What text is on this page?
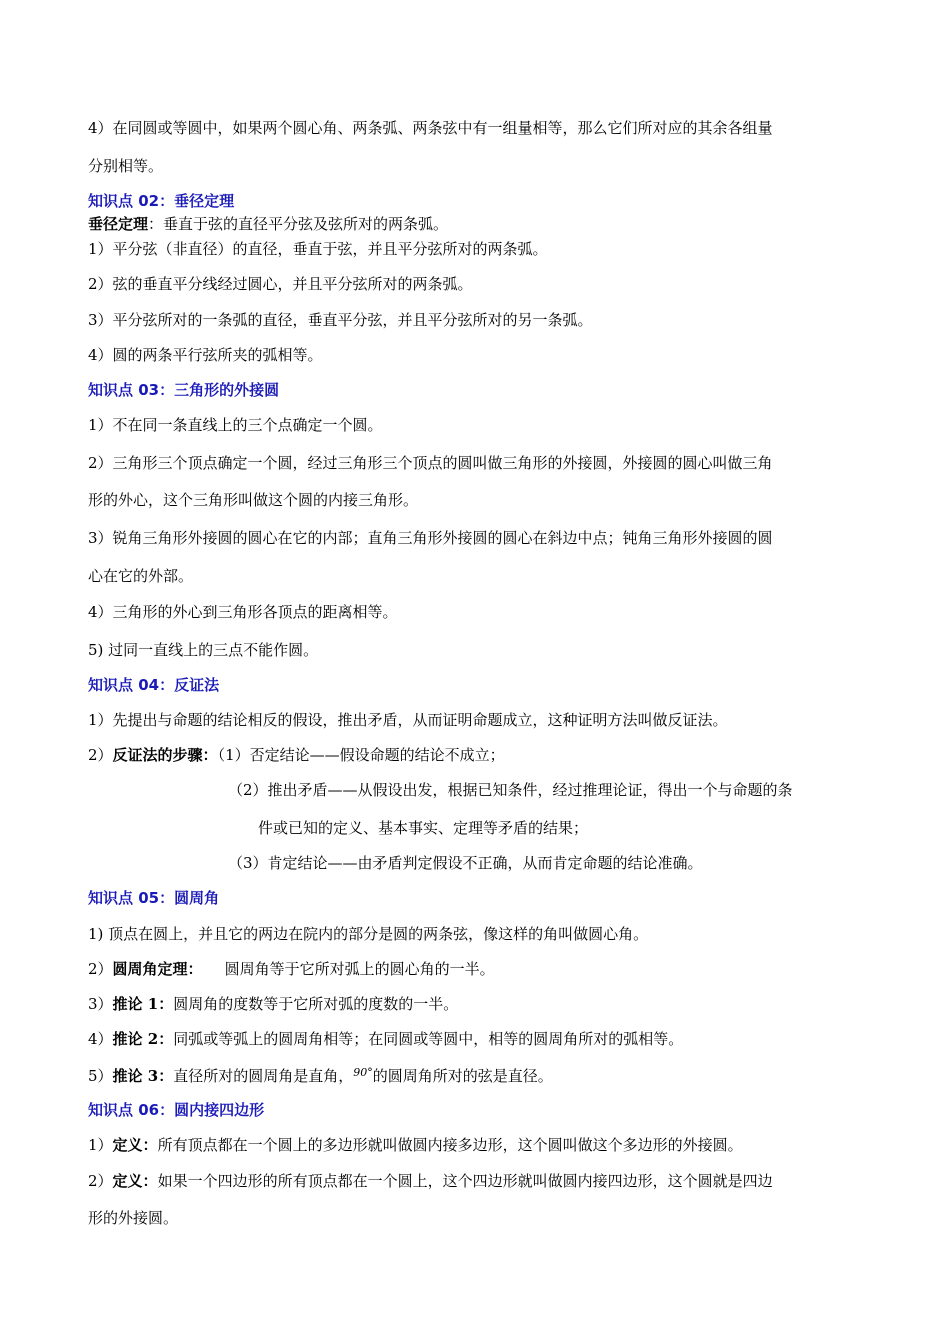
4）在同圆或等圆中，如果两个圆心角、两条弧、两条弦中有一组量相等，那么它们所对应的其余各组量
分别相等。
知识点 02：垂径定理
垂径定理：垂直于弦的直径平分弦及弦所对的两条弧。
1）平分弦（非直径）的直径，垂直于弦，并且平分弦所对的两条弧。
2）弦的垂直平分线经过圆心，并且平分弦所对的两条弧。
3）平分弦所对的一条弧的直径，垂直平分弦，并且平分弦所对的另一条弧。
4）圆的两条平行弦所夹的弧相等。
知识点 03：三角形的外接圆
1）不在同一条直线上的三个点确定一个圆。
2）三角形三个顶点确定一个圆，经过三角形三个顶点的圆叫做三角形的外接圆，外接圆的圆心叫做三角
形的外心，这个三角形叫做这个圆的内接三角形。
3）锐角三角形外接圆的圆心在它的内部；直角三角形外接圆的圆心在斜边中点；钝角三角形外接圆的圆
心在它的外部。
4）三角形的外心到三角形各顶点的距离相等。
5) 过同一直线上的三点不能作圆。
知识点 04：反证法
1）先提出与命题的结论相反的假设，推出矛盾，从而证明命题成立，这种证明方法叫做反证法。
2）反证法的步骤：（1）否定结论——假设命题的结论不成立；
（2）推出矛盾——从假设出发，根据已知条件，经过推理论证，得出一个与命题的条
件或已知的定义、基本事实、定理等矛盾的结果；
（3）肯定结论——由矛盾判定假设不正确，从而肯定命题的结论准确。
知识点 05：圆周角
1) 顶点在圆上，并且它的两边在院内的部分是圆的两条弦，像这样的角叫做圆心角。
2）圆周角定理： 圆周角等于它所对弧上的圆心角的一半。
3）推论 1：圆周角的度数等于它所对弧的度数的一半。
4）推论 2：同弧或等弧上的圆周角相等；在同圆或等圆中，相等的圆周角所对的弧相等。
5）推论 3：直径所对的圆周角是直角，$^{90^\circ}$的圆周角所对的弦是直径。
知识点 06：圆内接四边形
1）定义：所有顶点都在一个圆上的多边形就叫做圆内接多边形，这个圆叫做这个多边形的外接圆。
2）定义：如果一个四边形的所有顶点都在一个圆上，这个四边形就叫做圆内接四边形，这个圆就是四边
形的外接圆。
